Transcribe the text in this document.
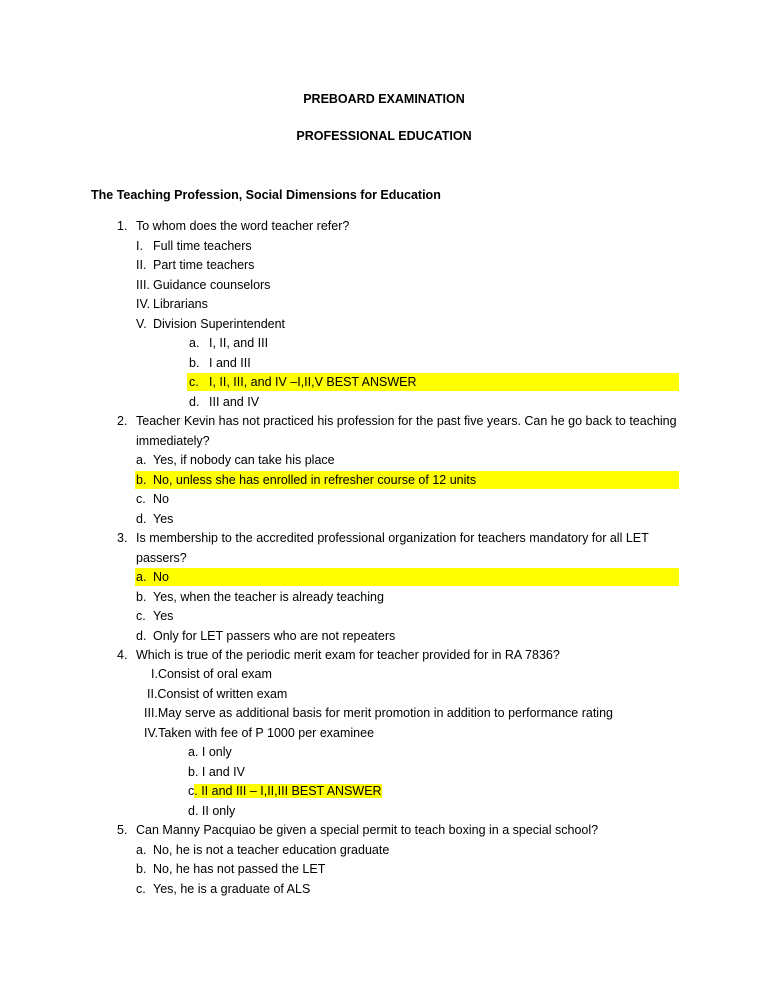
PREBOARD EXAMINATION
PROFESSIONAL EDUCATION
The Teaching Profession, Social Dimensions for Education
1. To whom does the word teacher refer?
I. Full time teachers
II. Part time teachers
III. Guidance counselors
IV. Librarians
V. Division Superintendent
a. I, II, and III
b. I and III
c. I, II, III, and IV –I,II,V BEST ANSWER
d. III and IV
2. Teacher Kevin has not practiced his profession for the past five years. Can he go back to teaching
immediately?
a. Yes, if nobody can take his place
b. No, unless she has enrolled in refresher course of 12 units
c. No
d. Yes
3. Is membership to the accredited professional organization for teachers mandatory for all LET
passers?
a. No
b. Yes, when the teacher is already teaching
c. Yes
d. Only for LET passers who are not repeaters
4. Which is true of the periodic merit exam for teacher provided for in RA 7836?
I.Consist of oral exam
II.Consist of written exam
III.May serve as additional basis for merit promotion in addition to performance rating
IV.Taken with fee of P 1000 per examinee
a. I only
b. I and IV
c. II and III – I,II,III BEST ANSWER
d. II only
5. Can Manny Pacquiao be given a special permit to teach boxing in a special school?
a. No, he is not a teacher education graduate
b. No, he has not passed the LET
c. Yes, he is a graduate of ALS
